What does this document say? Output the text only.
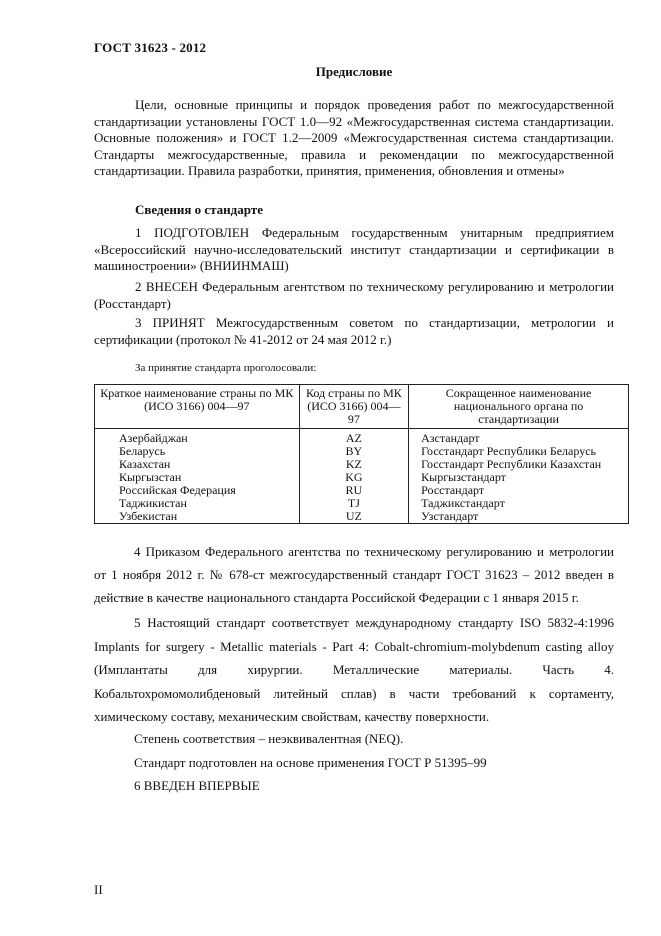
ГОСТ 31623 - 2012
Предисловие
Цели, основные принципы и порядок проведения работ по межгосударственной стандартизации установлены ГОСТ 1.0—92 «Межгосударственная система стандартизации. Основные положения» и ГОСТ 1.2—2009 «Межгосударственная система стандартизации. Стандарты межгосударственные, правила и рекомендации по межгосударственной стандартизации. Правила разработки, принятия, применения, обновления и отмены»
Сведения о стандарте
1 ПОДГОТОВЛЕН Федеральным государственным унитарным предприятием «Всероссийский научно-исследовательский институт стандартизации и сертификации в машиностроении» (ВНИИНМАШ)
2 ВНЕСЕН Федеральным агентством по техническому регулированию и метрологии (Росстандарт)
3 ПРИНЯТ Межгосударственным советом по стандартизации, метрологии и сертификации (протокол № 41-2012 от 24 мая 2012 г.)
За принятие стандарта проголосовали:
Краткое наименование страны по МК (ИСО 3166) 004—97	Код страны по МК (ИСО 3166) 004—97	Сокращенное наименование национального органа по стандартизации
Азербайджан	AZ	Азстандарт
Беларусь	BY	Госстандарт Республики Беларусь
Казахстан	KZ	Госстандарт Республики Казахстан
Кыргызстан	KG	Кыргызстандарт
Российская Федерация	RU	Росстандарт
Таджикистан	TJ	Таджикстандарт
Узбекистан	UZ	Узстандарт
4 Приказом Федерального агентства по техническому регулированию и метрологии от 1 ноября 2012 г. № 678-ст межгосударственный стандарт ГОСТ 31623 – 2012 введен в действие в качестве национального стандарта Российской Федерации с 1 января 2015 г.
5 Настоящий стандарт соответствует международному стандарту ISO 5832-4:1996 Implants for surgery - Metallic materials - Part 4: Cobalt-chromium-molybdenum casting alloy (Имплантаты для хирургии. Металлические материалы. Часть 4. Кобальтохромомолибденовый литейный сплав) в части требований к сортаменту, химическому составу, механическим свойствам, качеству поверхности.
Степень соответствия – неэквивалентная (NEQ).
Стандарт подготовлен на основе применения ГОСТ Р 51395–99
6 ВВЕДЕН ВПЕРВЫЕ
II
